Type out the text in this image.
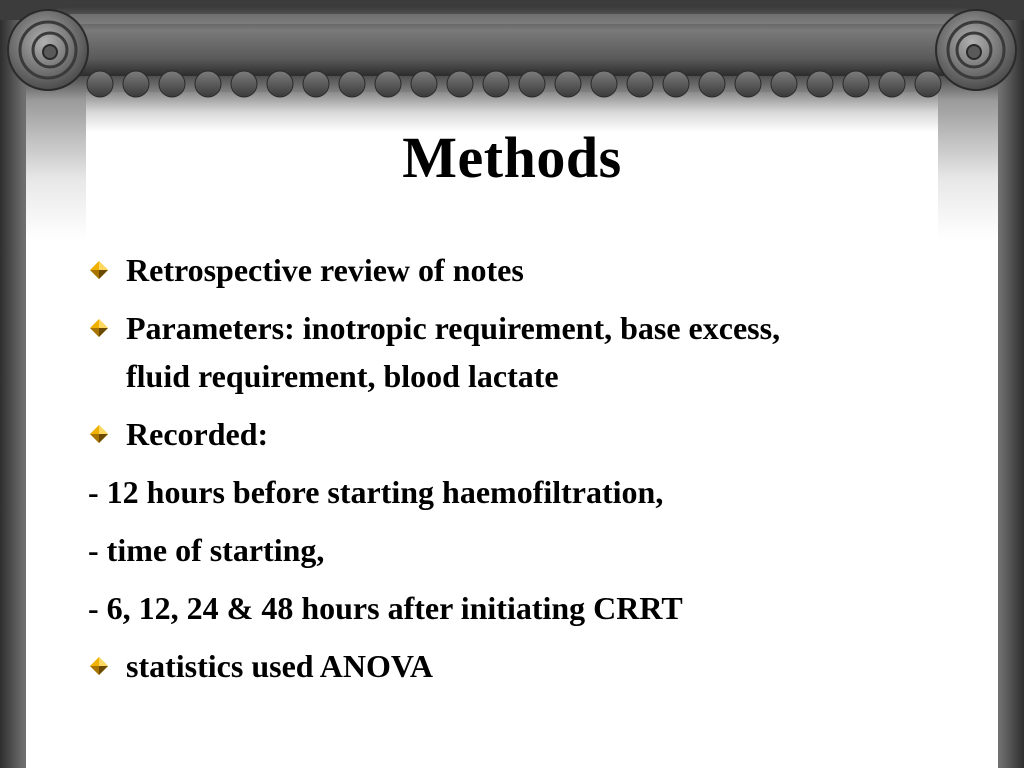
Methods
Retrospective review of notes
Parameters: inotropic requirement, base excess, fluid requirement, blood lactate
Recorded:
- 12 hours before starting haemofiltration,
- time of starting,
- 6, 12, 24 & 48 hours after initiating CRRT
statistics used ANOVA
